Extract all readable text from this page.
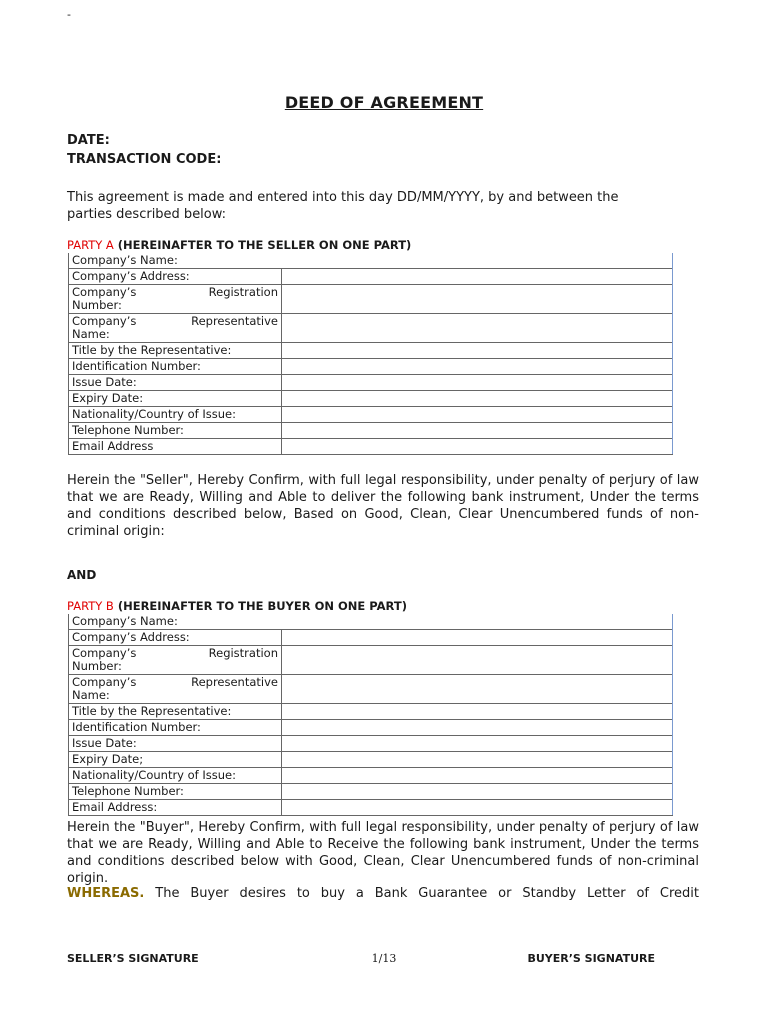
-
DEED OF AGREEMENT
DATE:
TRANSACTION CODE:
This agreement is made and entered into this day DD/MM/YYYY, by and between the parties described below:
PARTY A (HEREINAFTER TO THE SELLER ON ONE PART)
Company’s Name:	
Company’s Address:	

Company’s Registration
Number:	

Company’s Representative
Name:	

Title by the Representative:	
Identification Number:	
Issue Date:	
Expiry Date:	
Nationality/Country of Issue:	
Telephone Number:	
Email Address	
Herein the "Seller", Hereby Confirm, with full legal responsibility, under penalty of perjury of law that we are Ready, Willing and Able to deliver the following bank instrument, Under the terms and conditions described below, Based on Good, Clean, Clear Unencumbered funds of non-criminal origin:
AND
PARTY B (HEREINAFTER TO THE BUYER ON ONE PART)
Company’s Name:	
Company’s Address:	

Company’s Registration
Number:	

Company’s Representative
Name:	

Title by the Representative:	
Identification Number:	
Issue Date:	
Expiry Date;	
Nationality/Country of Issue:	
Telephone Number:	
Email Address:	
Herein the "Buyer", Hereby Confirm, with full legal responsibility, under penalty of perjury of law that we are Ready, Willing and Able to Receive the following bank instrument, Under the terms and conditions described below with Good, Clean, Clear Unencumbered funds of non-criminal origin.
WHEREAS. The Buyer desires to buy a Bank Guarantee or Standby Letter of Credit
SELLER’S SIGNATURE	1/13	BUYER’S SIGNATURE
